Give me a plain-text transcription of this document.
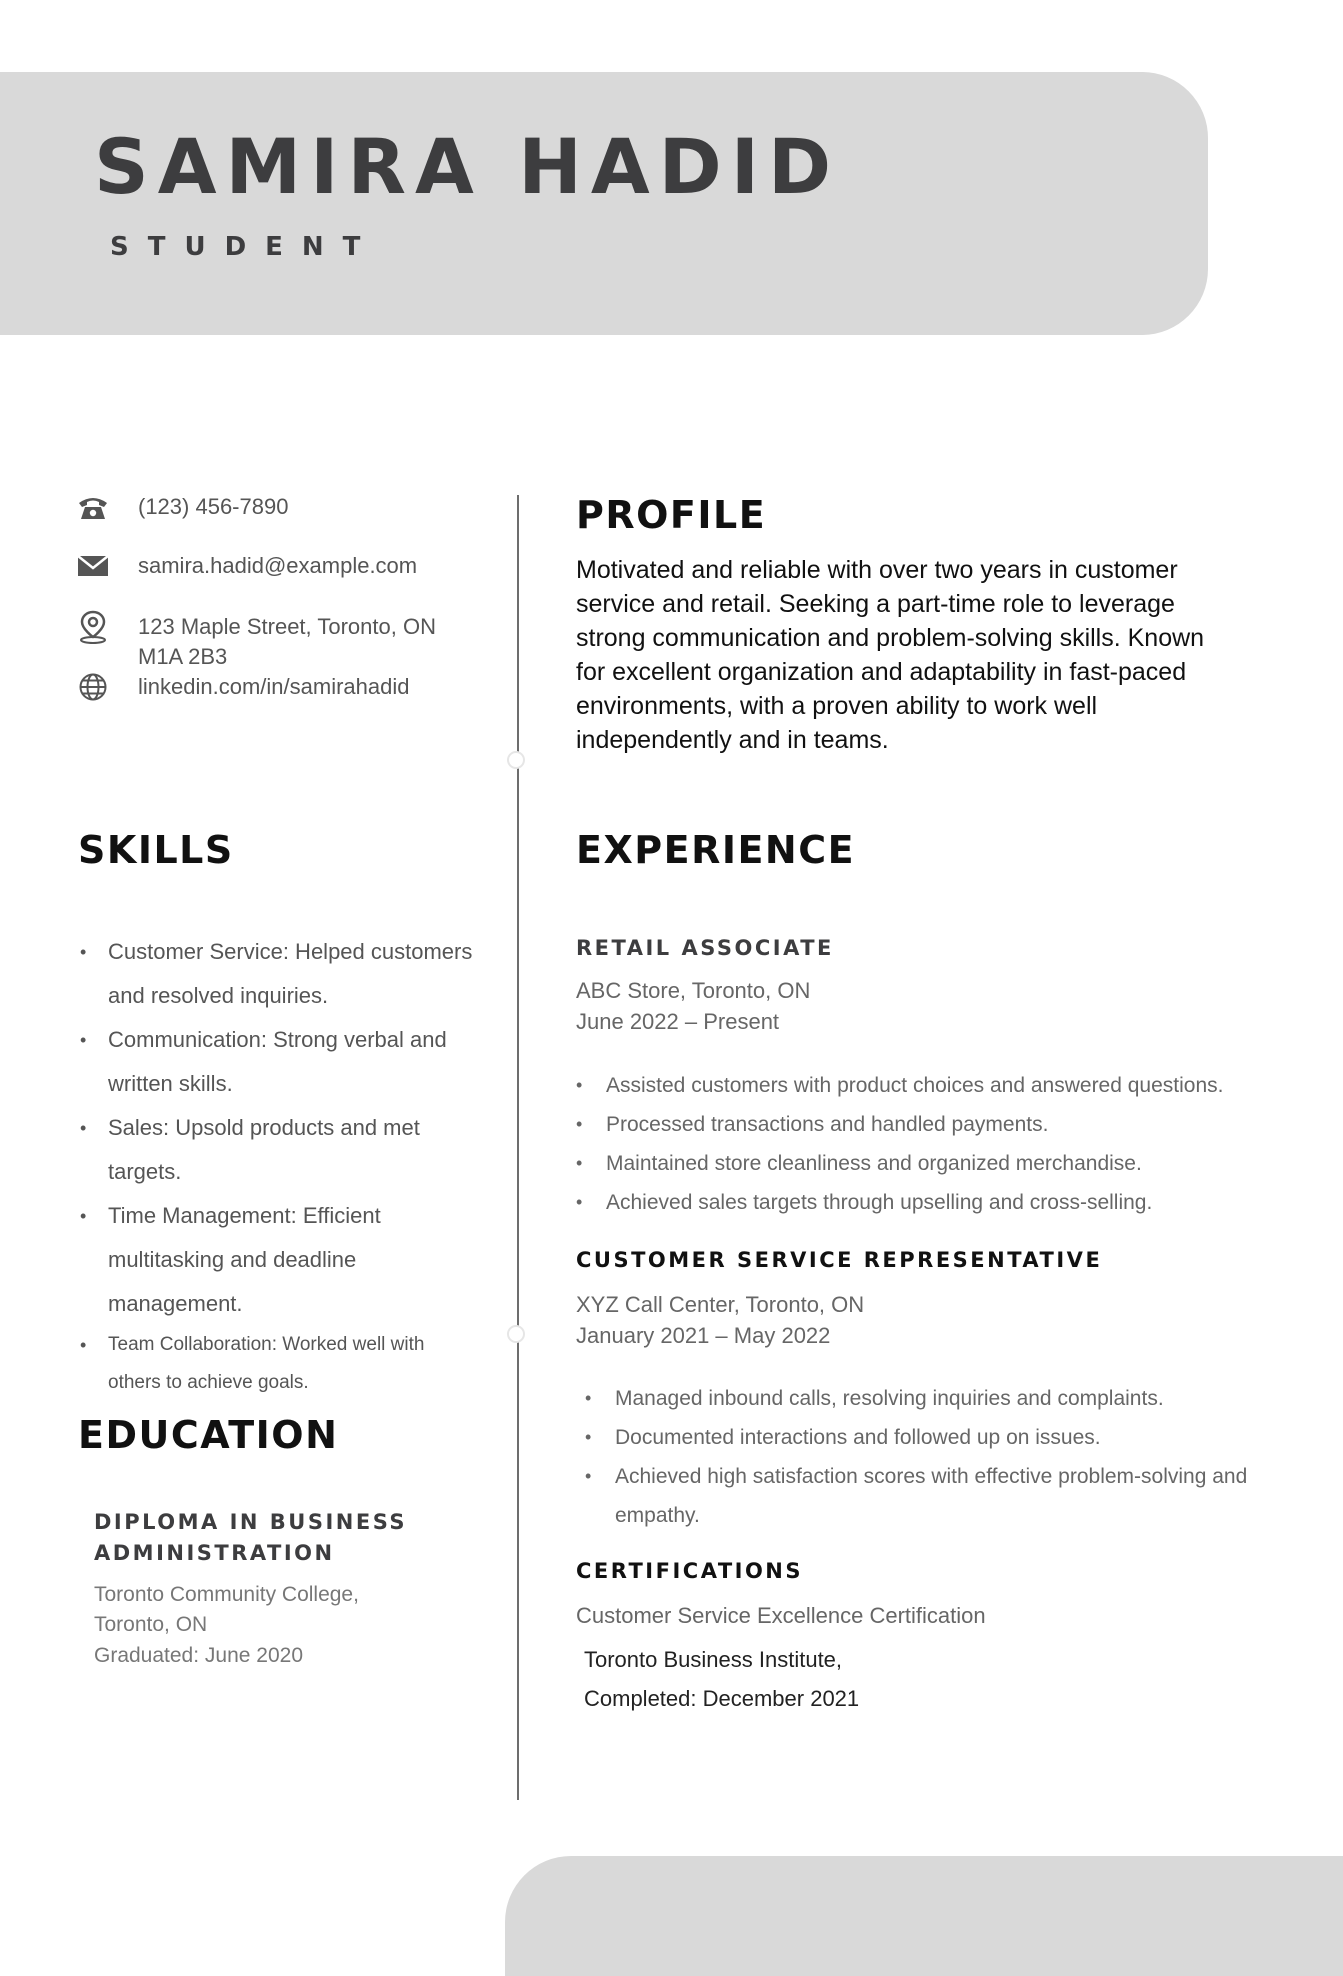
SAMIRA HADID
STUDENT
(123) 456-7890
samira.hadid@example.com
123 Maple Street, Toronto, ON
M1A 2B3
linkedin.com/in/samirahadid
SKILLS
• Customer Service: Helped customers and resolved inquiries.
• Communication: Strong verbal and written skills.
• Sales: Upsold products and met targets.
• Time Management: Efficient multitasking and deadline management.
• Team Collaboration: Worked well with others to achieve goals.
EDUCATION
DIPLOMA IN BUSINESS ADMINISTRATION
Toronto Community College,
Toronto, ON
Graduated: June 2020
PROFILE

Motivated and reliable with over two years in customer service and retail. Seeking a part-time role to leverage strong communication and problem-solving skills. Known for excellent organization and adaptability in fast-paced environments, with a proven ability to work well independently and in teams.

EXPERIENCE
RETAIL ASSOCIATE
ABC Store, Toronto, ON
June 2022 – Present
• Assisted customers with product choices and answered questions.
• Processed transactions and handled payments.
• Maintained store cleanliness and organized merchandise.
• Achieved sales targets through upselling and cross-selling.
CUSTOMER SERVICE REPRESENTATIVE
XYZ Call Center, Toronto, ON
January 2021 – May 2022
• Managed inbound calls, resolving inquiries and complaints.
• Documented interactions and followed up on issues.
• Achieved high satisfaction scores with effective problem-solving and empathy.
CERTIFICATIONS
Customer Service Excellence Certification
Toronto Business Institute,
Completed: December 2021
